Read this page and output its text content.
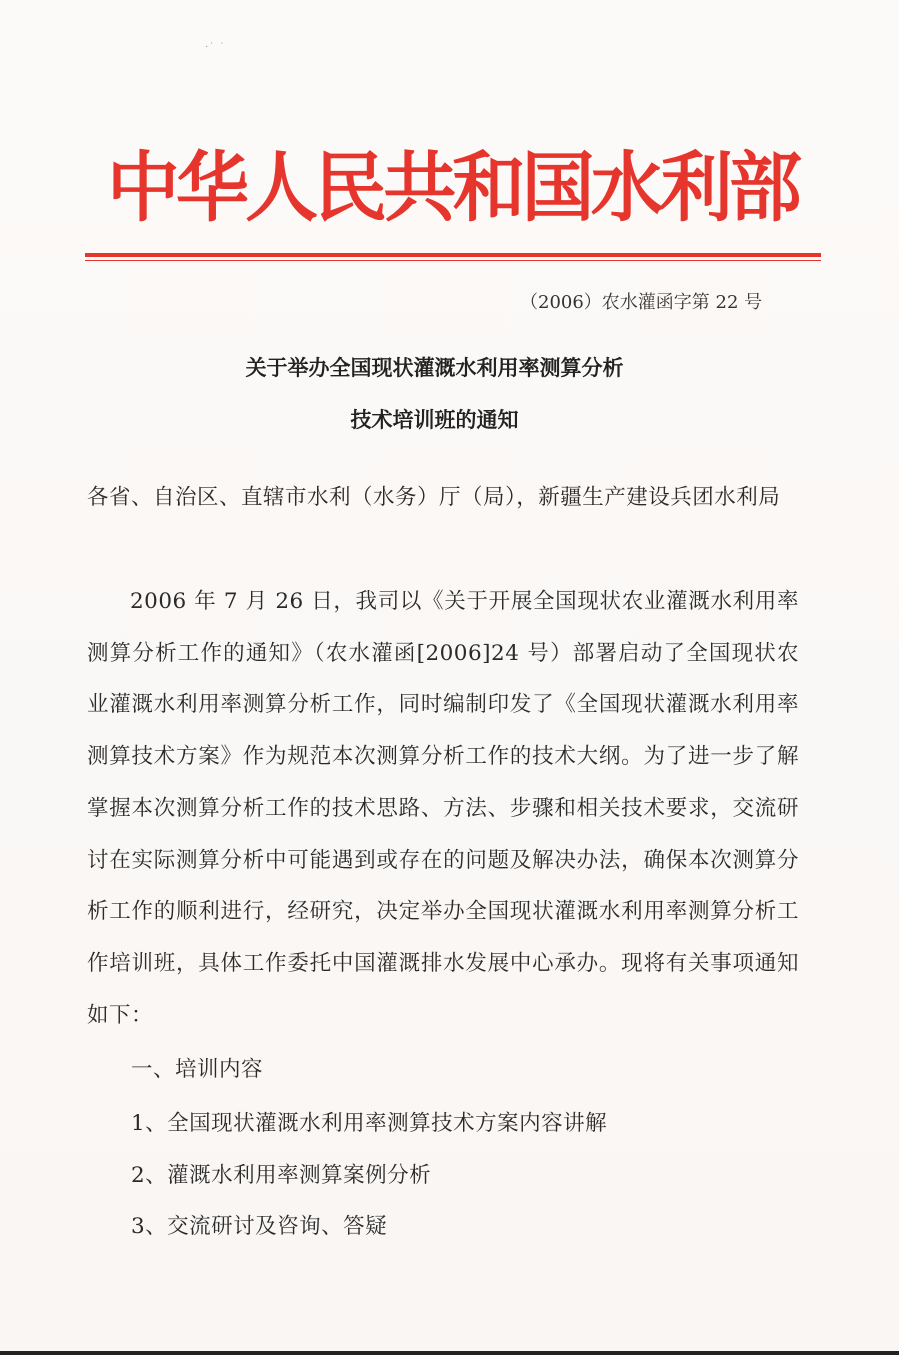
·˙ ˙
中华人民共和国水利部
（2006）农水灌函字第 22 号
关于举办全国现状灌溉水利用率测算分析
技术培训班的通知
各省、自治区、直辖市水利（水务）厅（局），新疆生产建设兵团水利局
2006 年 7 月 26 日，我司以《关于开展全国现状农业灌溉水利用率测算分析工作的通知》（农水灌函[2006]24 号）部署启动了全国现状农业灌溉水利用率测算分析工作，同时编制印发了《全国现状灌溉水利用率测算技术方案》作为规范本次测算分析工作的技术大纲。为了进一步了解掌握本次测算分析工作的技术思路、方法、步骤和相关技术要求，交流研讨在实际测算分析中可能遇到或存在的问题及解决办法，确保本次测算分析工作的顺利进行，经研究，决定举办全国现状灌溉水利用率测算分析工作培训班，具体工作委托中国灌溉排水发展中心承办。现将有关事项通知如下：
一、培训内容
1、全国现状灌溉水利用率测算技术方案内容讲解
2、灌溉水利用率测算案例分析
3、交流研讨及咨询、答疑
